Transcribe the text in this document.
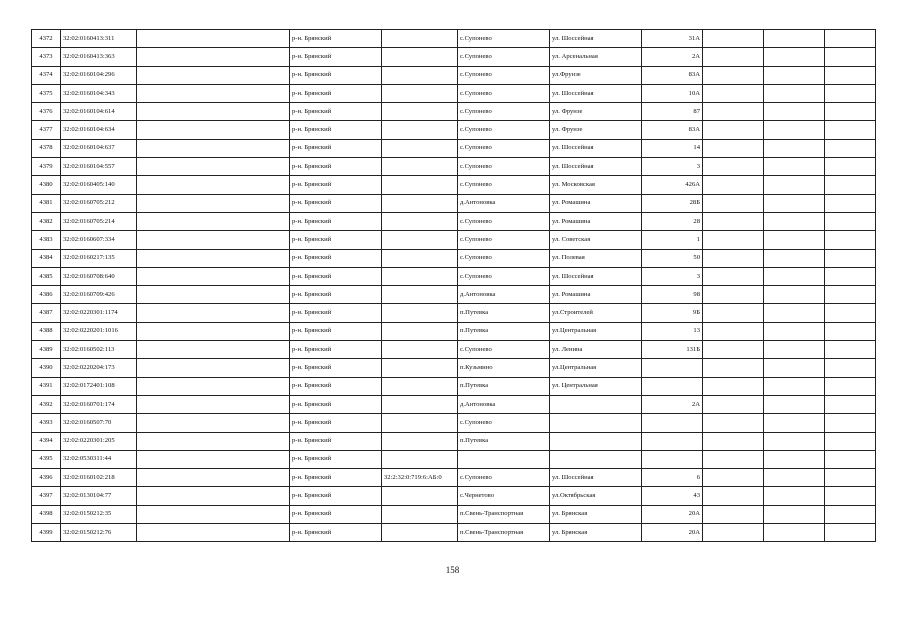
4372	32:02:0160413:311		р-н. Брянский		с.Супонево	ул. Шоссейная	31А			
4373	32:02:0160413:363		р-н. Брянский		с.Супонево	ул. Арсенальная	2А			
4374	32:02:0160104:296		р-н. Брянский		с.Супонево	ул.Фрунзе	83А			
4375	32:02:0160104:343		р-н. Брянский		с.Супонево	ул. Шоссейная	10А			
4376	32:02:0160104:614		р-н. Брянский		с.Супонево	ул. Фрунзе	87			
4377	32:02:0160104:634		р-н. Брянский		с.Супонево	ул. Фрунзе	83А			
4378	32:02:0160104:637		р-н. Брянский		с.Супонево	ул. Шоссейная	14			
4379	32:02:0160104:557		р-н. Брянский		с.Супонево	ул. Шоссейная	3			
4380	32:02:0160405:140		р-н. Брянский		с.Супонево	ул. Московская	426А			
4381	32:02:0160705:212		р-н. Брянский		д.Антоновка	ул. Ромашина	28Б			
4382	32:02:0160705:214		р-н. Брянский		с.Супонево	ул. Ромашина	28			
4383	32:02:0160607:334		р-н. Брянский		с.Супонево	ул. Советская	1			
4384	32:02:0160217:135		р-н. Брянский		с.Супонево	ул. Полевая	50			
4385	32:02:0160708:640		р-н. Брянский		с.Супонево	ул. Шоссейная	3			
4386	32:02:0160709:426		р-н. Брянский		д.Антоновка	ул. Ромашина	98			
4387	32:02:0220301:1174		р-н. Брянский		п.Путевка	ул.Строителей	9Б			
4388	32:02:0220201:1016		р-н. Брянский		п.Путевка	ул.Центральная	13			
4389	32:02:0160502:113		р-н. Брянский		с.Супонево	ул. Ленина	131Б			
4390	32:02:0220204:173		р-н. Брянский		п.Кузьмино	ул.Центральная				
4391	32:02:0172401:108		р-н. Брянский		п.Путевка	ул. Центральная				
4392	32:02:0160701:174		р-н. Брянский		д.Антоновка		2А			
4393	32:02:0160507:70		р-н. Брянский		с.Супонево					
4394	32:02:0220301:205		р-н. Брянский		п.Путевка					
4395	32:02:0530311:44		р-н. Брянский							
4396	32:02:0160102:218		р-н. Брянский	32:2:32:0:719:6:АБ:0	с.Супонево	ул. Шоссейная	6			
4397	32:02:0130104:77		р-н. Брянский		с.Чернетово	ул.Октябрьская	43			
4398	32:02:0150212:35		р-н. Брянский		п.Свень-Транспортная	ул. Брянская	20А			
4399	32:02:0150212:76		р-н. Брянский		п.Свень-Транспортная	ул. Брянская	20А			
158
